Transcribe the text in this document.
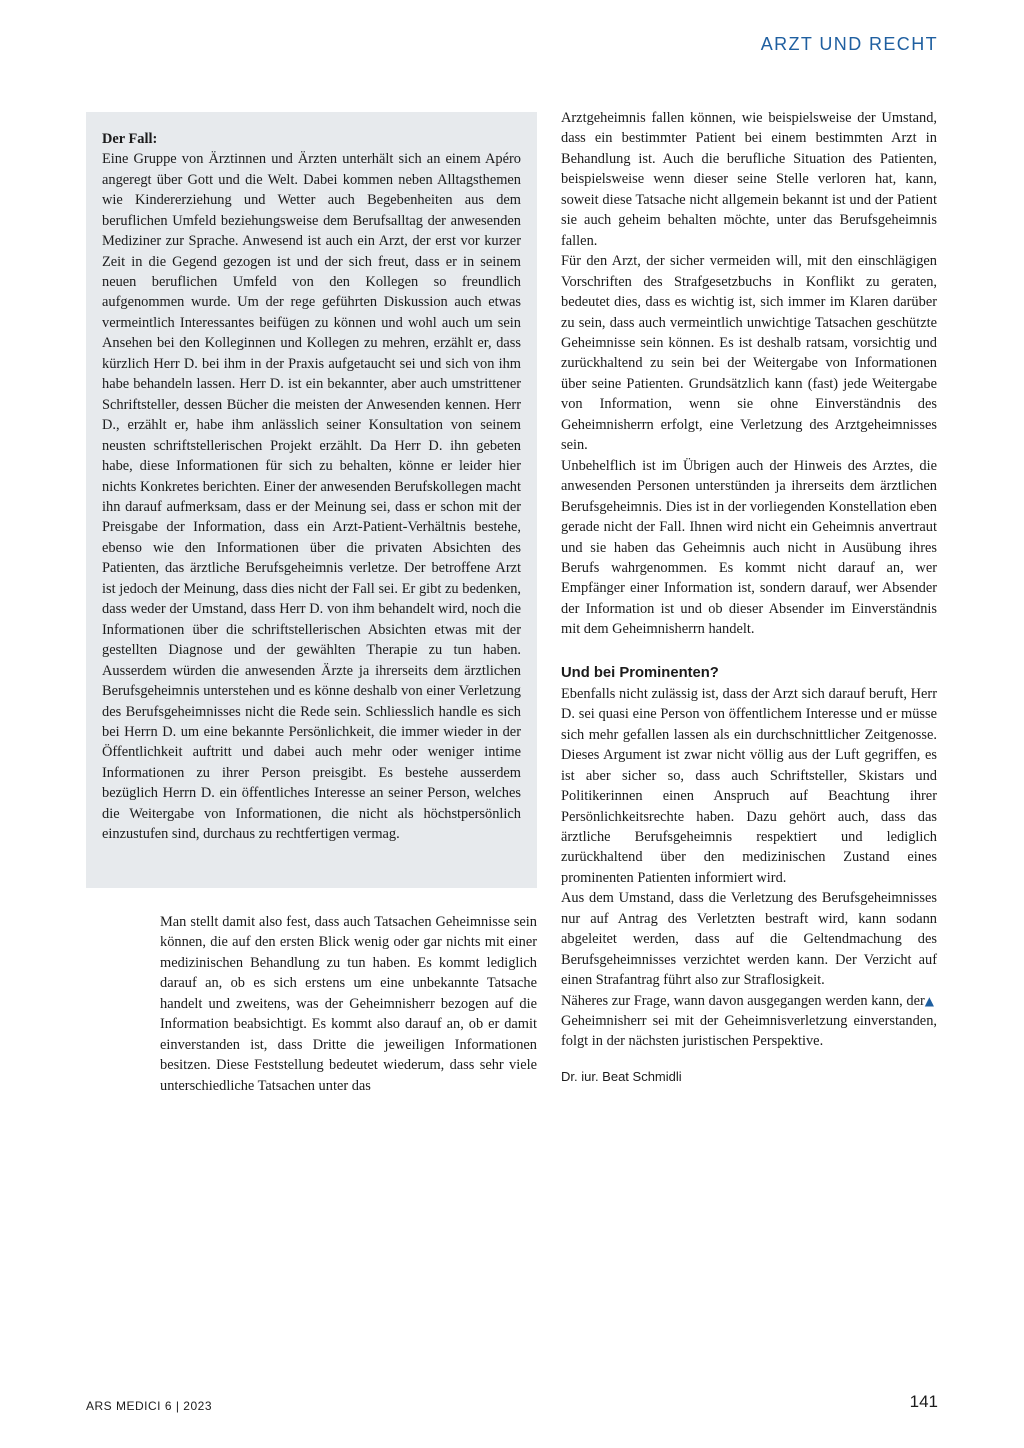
ARZT UND RECHT
Der Fall:

Eine Gruppe von Ärztinnen und Ärzten unterhält sich an einem Apéro angeregt über Gott und die Welt. Dabei kommen neben Alltagsthemen wie Kindererziehung und Wetter auch Begebenheiten aus dem beruflichen Umfeld beziehungsweise dem Berufsalltag der anwesenden Mediziner zur Sprache. Anwesend ist auch ein Arzt, der erst vor kurzer Zeit in die Gegend gezogen ist und der sich freut, dass er in seinem neuen beruflichen Umfeld von den Kollegen so freundlich aufgenommen wurde. Um der rege geführten Diskussion auch etwas vermeintlich Interessantes beifügen zu können und wohl auch um sein Ansehen bei den Kolleginnen und Kollegen zu mehren, erzählt er, dass kürzlich Herr D. bei ihm in der Praxis aufgetaucht sei und sich von ihm habe behandeln lassen. Herr D. ist ein bekannter, aber auch umstrittener Schriftsteller, dessen Bücher die meisten der Anwesenden kennen. Herr D., erzählt er, habe ihm anlässlich seiner Konsultation von seinem neusten schriftstellerischen Projekt erzählt. Da Herr D. ihn gebeten habe, diese Informationen für sich zu behalten, könne er leider hier nichts Konkretes berichten. Einer der anwesenden Berufskollegen macht ihn darauf aufmerksam, dass er der Meinung sei, dass er schon mit der Preisgabe der Information, dass ein Arzt-Patient-Verhältnis bestehe, ebenso wie den Informationen über die privaten Absichten des Patienten, das ärztliche Berufsgeheimnis verletze. Der betroffene Arzt ist jedoch der Meinung, dass dies nicht der Fall sei. Er gibt zu bedenken, dass weder der Umstand, dass Herr D. von ihm behandelt wird, noch die Informationen über die schriftstellerischen Absichten etwas mit der gestellten Diagnose und der gewählten Therapie zu tun haben. Ausserdem würden die anwesenden Ärzte ja ihrerseits dem ärztlichen Berufsgeheimnis unterstehen und es könne deshalb von einer Verletzung des Berufsgeheimnisses nicht die Rede sein. Schliesslich handle es sich bei Herrn D. um eine bekannte Persönlichkeit, die immer wieder in der Öffentlichkeit auftritt und dabei auch mehr oder weniger intime Informationen zu ihrer Person preisgibt. Es bestehe ausserdem bezüglich Herrn D. ein öffentliches Interesse an seiner Person, welches die Weitergabe von Informationen, die nicht als höchstpersönlich einzustufen sind, durchaus zu rechtfertigen vermag.

Man stellt damit also fest, dass auch Tatsachen Geheimnisse sein können, die auf den ersten Blick wenig oder gar nichts mit einer medizinischen Behandlung zu tun haben. Es kommt lediglich darauf an, ob es sich erstens um eine unbekannte Tatsache handelt und zweitens, was der Geheimnisherr bezogen auf die Information beabsichtigt. Es kommt also darauf an, ob er damit einverstanden ist, dass Dritte die jeweiligen Informationen besitzen. Diese Feststellung bedeutet wiederum, dass sehr viele unterschiedliche Tatsachen unter das

Arztgeheimnis fallen können, wie beispielsweise der Umstand, dass ein bestimmter Patient bei einem bestimmten Arzt in Behandlung ist. Auch die berufliche Situation des Patienten, beispielsweise wenn dieser seine Stelle verloren hat, kann, soweit diese Tatsache nicht allgemein bekannt ist und der Patient sie auch geheim behalten möchte, unter das Berufsgeheimnis fallen.

Für den Arzt, der sicher vermeiden will, mit den einschlägigen Vorschriften des Strafgesetzbuchs in Konflikt zu geraten, bedeutet dies, dass es wichtig ist, sich immer im Klaren darüber zu sein, dass auch vermeintlich unwichtige Tatsachen geschützte Geheimnisse sein können. Es ist deshalb ratsam, vorsichtig und zurückhaltend zu sein bei der Weitergabe von Informationen über seine Patienten. Grundsätzlich kann (fast) jede Weitergabe von Information, wenn sie ohne Einverständnis des Geheimnisherrn erfolgt, eine Verletzung des Arztgeheimnisses sein.

Unbehelflich ist im Übrigen auch der Hinweis des Arztes, die anwesenden Personen unterstünden ja ihrerseits dem ärztlichen Berufsgeheimnis. Dies ist in der vorliegenden Konstellation eben gerade nicht der Fall. Ihnen wird nicht ein Geheimnis anvertraut und sie haben das Geheimnis auch nicht in Ausübung ihres Berufs wahrgenommen. Es kommt nicht darauf an, wer Empfänger einer Information ist, sondern darauf, wer Absender der Information ist und ob dieser Absender im Einverständnis mit dem Geheimnisherrn handelt.

Und bei Prominenten?

Ebenfalls nicht zulässig ist, dass der Arzt sich darauf beruft, Herr D. sei quasi eine Person von öffentlichem Interesse und er müsse sich mehr gefallen lassen als ein durchschnittlicher Zeitgenosse. Dieses Argument ist zwar nicht völlig aus der Luft gegriffen, es ist aber sicher so, dass auch Schriftsteller, Skistars und Politikerinnen einen Anspruch auf Beachtung ihrer Persönlichkeitsrechte haben. Dazu gehört auch, dass das ärztliche Berufsgeheimnis respektiert und lediglich zurückhaltend über den medizinischen Zustand eines prominenten Patienten informiert wird.

Aus dem Umstand, dass die Verletzung des Berufsgeheimnisses nur auf Antrag des Verletzten bestraft wird, kann sodann abgeleitet werden, dass auf die Geltendmachung des Berufsgeheimnisses verzichtet werden kann. Der Verzicht auf einen Strafantrag führt also zur Straflosigkeit.

▲
Näheres zur Frage, wann davon ausgegangen werden kann, der Geheimnisherr sei mit der Geheimnisverletzung einverstanden, folgt in der nächsten juristischen Perspektive.

Dr. iur. Beat Schmidli

ARS MEDICI 6 | 2023	141
